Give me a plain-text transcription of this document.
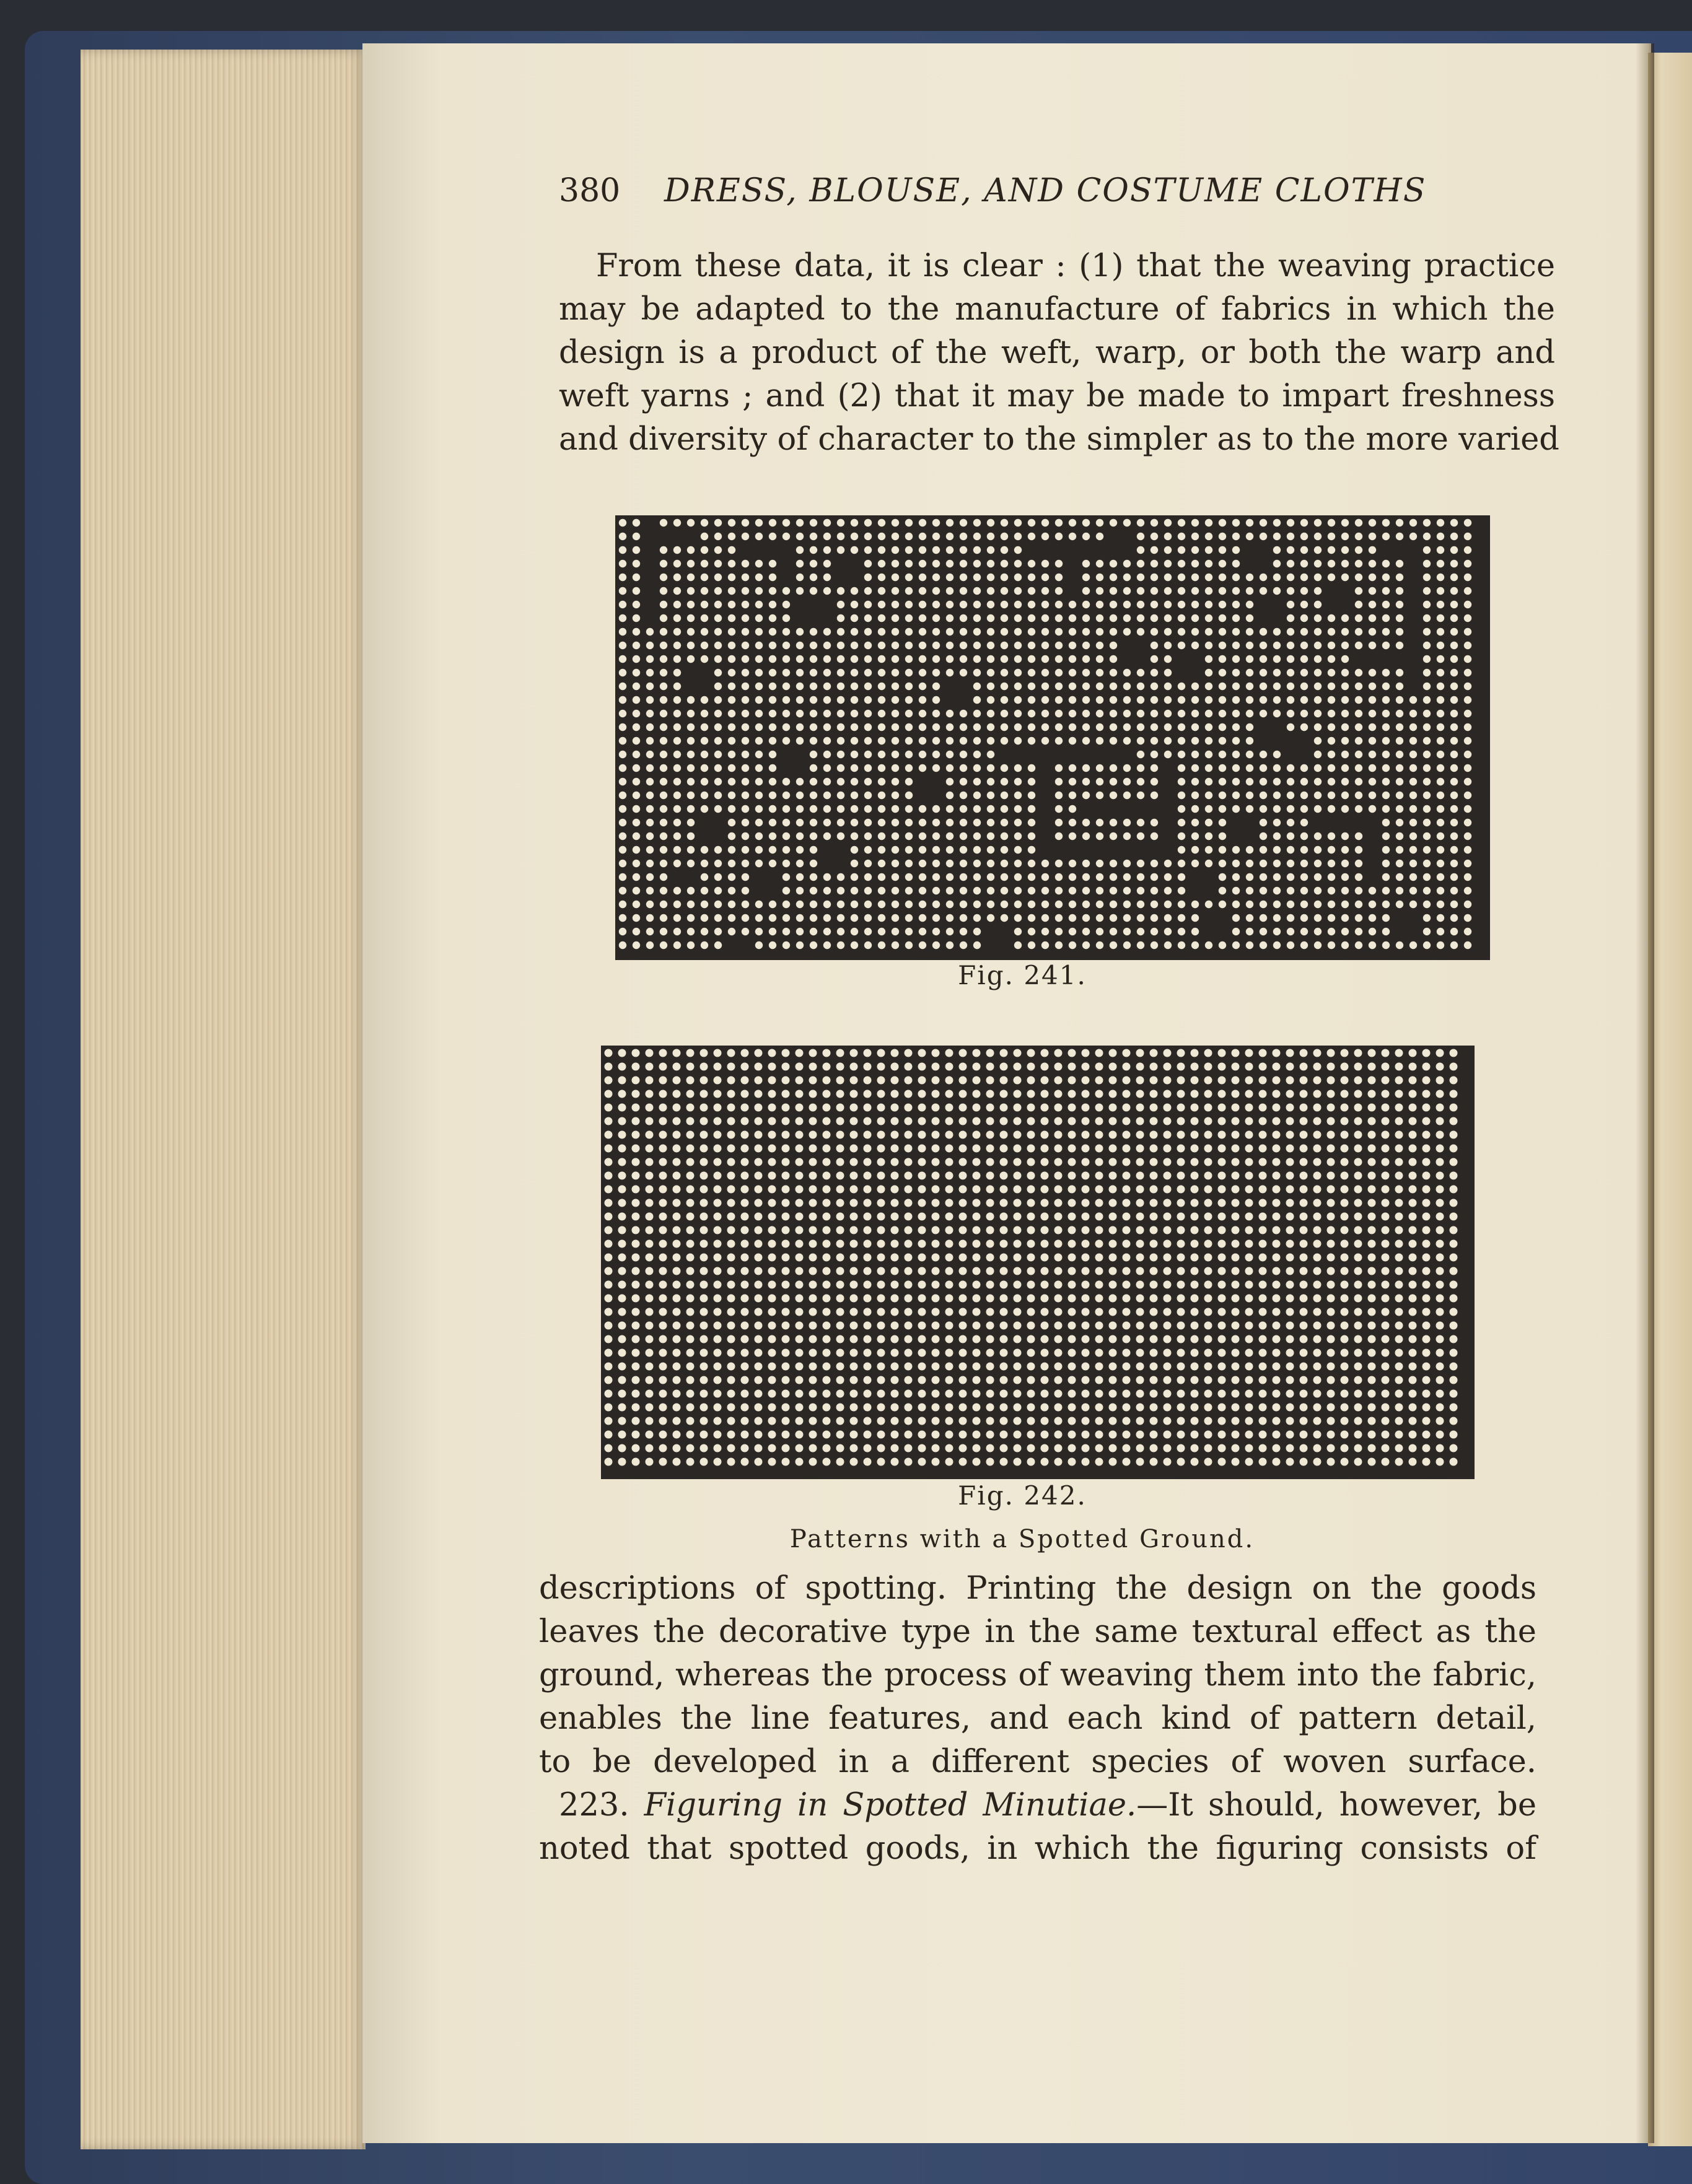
380 DRESS, BLOUSE, AND COSTUME CLOTHS
From these data, it is clear : (1) that the weaving practice
may be adapted to the manufacture of fabrics in which the
design is a product of the weft, warp, or both the warp and
weft yarns ; and (2) that it may be made to impart freshness
and diversity of character to the simpler as to the more varied
Fig. 241.
Fig. 242.
Patterns with a Spotted Ground.
descriptions of spotting. Printing the design on the goods
leaves the decorative type in the same textural effect as the
ground, whereas the process of weaving them into the fabric,
enables the line features, and each kind of pattern detail,
to be developed in a different species of woven surface.
223. Figuring in Spotted Minutiae.—It should, however, be
noted that spotted goods, in which the figuring consists of
